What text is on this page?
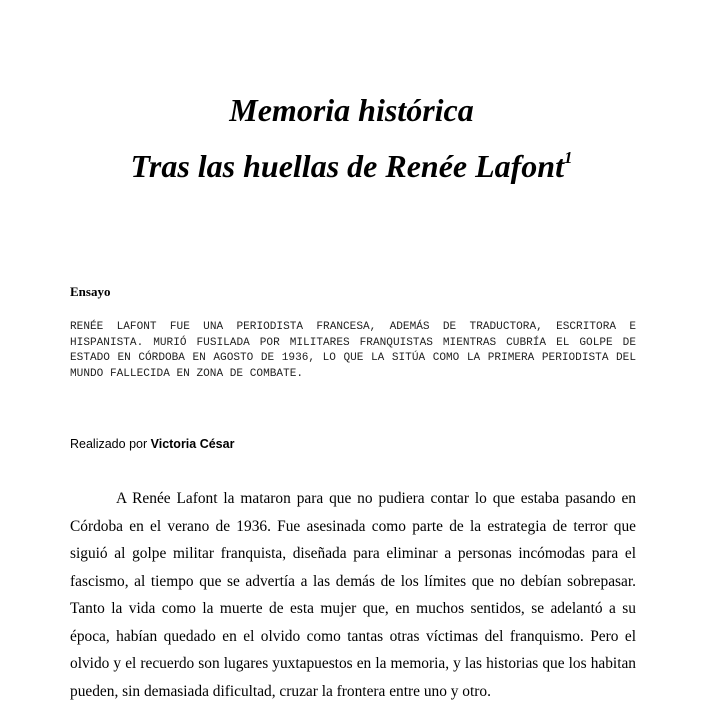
Memoria histórica
Tras las huellas de Renée Lafont$^1$
Ensayo
RENÉE LAFONT FUE UNA PERIODISTA FRANCESA, ADEMÁS DE TRADUCTORA, ESCRITORA E HISPANISTA. MURIÓ FUSILADA POR MILITARES FRANQUISTAS MIENTRAS CUBRÍA EL GOLPE DE ESTADO EN CÓRDOBA EN AGOSTO DE 1936, LO QUE LA SITÚA COMO LA PRIMERA PERIODISTA DEL MUNDO FALLECIDA EN ZONA DE COMBATE.
Realizado por Victoria César
A Renée Lafont la mataron para que no pudiera contar lo que estaba pasando en Córdoba en el verano de 1936. Fue asesinada como parte de la estrategia de terror que siguió al golpe militar franquista, diseñada para eliminar a personas incómodas para el fascismo, al tiempo que se advertía a las demás de los límites que no debían sobrepasar. Tanto la vida como la muerte de esta mujer que, en muchos sentidos, se adelantó a su época, habían quedado en el olvido como tantas otras víctimas del franquismo. Pero el olvido y el recuerdo son lugares yuxtapuestos en la memoria, y las historias que los habitan pueden, sin demasiada dificultad, cruzar la frontera entre uno y otro.
